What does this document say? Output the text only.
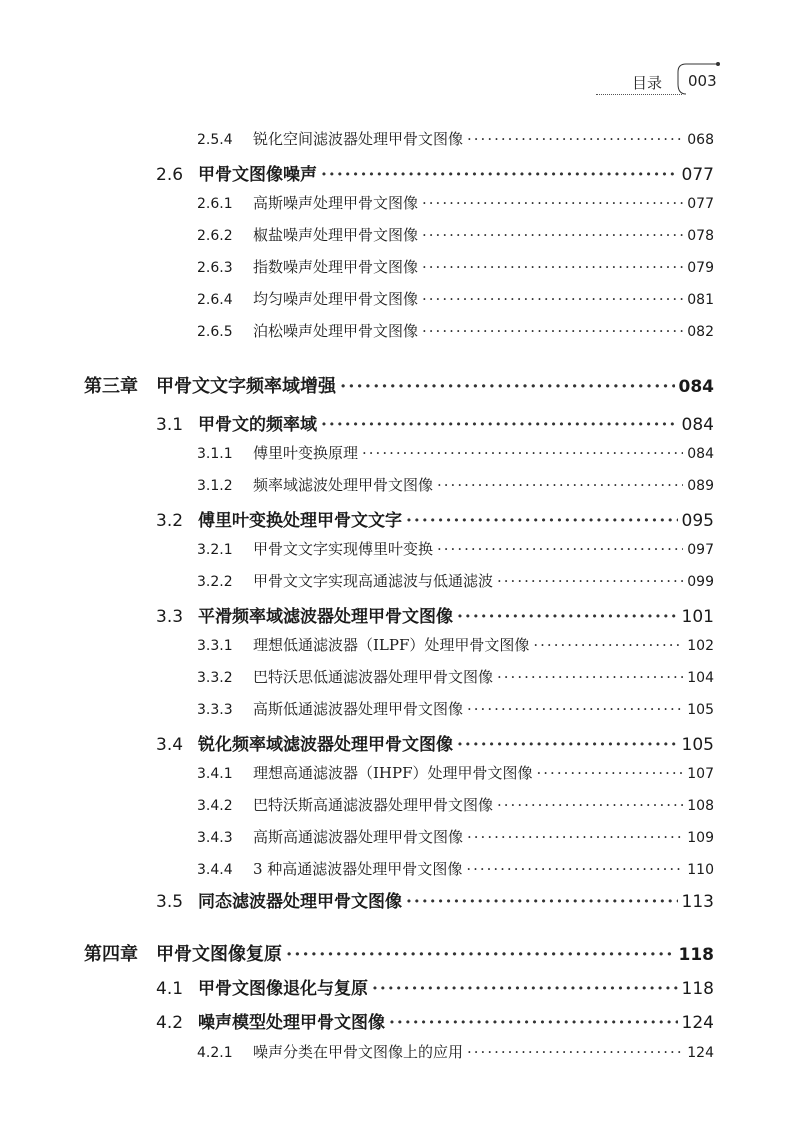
目录 003
2.5.4	锐化空间滤波器处理甲骨文图像 ·····	068
2.6 甲骨文图像噪声 ·····	077
2.6.1	高斯噪声处理甲骨文图像 ·····	077
2.6.2	椒盐噪声处理甲骨文图像 ·····	078
2.6.3	指数噪声处理甲骨文图像 ·····	079
2.6.4	均匀噪声处理甲骨文图像 ·····	081
2.6.5	泊松噪声处理甲骨文图像 ·····	082
第三章	甲骨文文字频率域增强 ·····	084
3.1 甲骨文的频率域 ·····	084
3.1.1	傅里叶变换原理 ·····	084
3.1.2	频率域滤波处理甲骨文图像 ·····	089
3.2 傅里叶变换处理甲骨文文字 ·····	095
3.2.1	甲骨文文字实现傅里叶变换 ·····	097
3.2.2	甲骨文文字实现高通滤波与低通滤波 ·····	099
3.3 平滑频率域滤波器处理甲骨文图像 ·····	101
3.3.1	理想低通滤波器（ILPF）处理甲骨文图像 ·····	102
3.3.2	巴特沃思低通滤波器处理甲骨文图像 ·····	104
3.3.3	高斯低通滤波器处理甲骨文图像 ·····	105
3.4 锐化频率域滤波器处理甲骨文图像 ·····	105
3.4.1	理想高通滤波器（IHPF）处理甲骨文图像 ·····	107
3.4.2	巴特沃斯高通滤波器处理甲骨文图像 ·····	108
3.4.3	高斯高通滤波器处理甲骨文图像 ·····	109
3.4.4	3 种高通滤波器处理甲骨文图像 ·····	110
3.5 同态滤波器处理甲骨文图像 ·····	113
第四章	甲骨文图像复原 ·····	118
4.1 甲骨文图像退化与复原 ·····	118
4.2 噪声模型处理甲骨文图像 ·····	124
4.2.1	噪声分类在甲骨文图像上的应用 ·····	124
